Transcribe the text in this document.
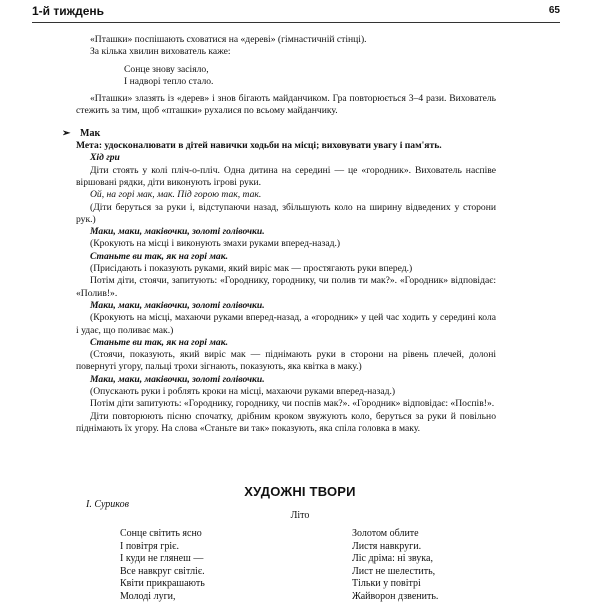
1-й тиждень	65

«Пташки» поспішають сховатися на «дереві» (гімнастичній стінці).

За кілька хвилин вихователь каже:

Сонце знову засіяло,
І надворі тепло стало.

«Пташки» злазять із «дерев» і знов бігають майданчиком. Гра повторюється 3–4 рази. Вихователь стежить за тим, щоб «пташки» рухалися по всьому майданчику.

➢ Мак

Мета: удосконалювати в дітей навички ходьби на місці; виховувати увагу і пам'ять.

Хід гри

Діти стоять у колі пліч-о-пліч. Одна дитина на середині — це «городник». Вихователь наспіве віршовані рядки, діти виконують ігрові руки.

Ой, на горі мак, мак. Під горою так, так.

(Діти беруться за руки і, відступаючи назад, збільшують коло на ширину відведених у сторони рук.)

Маки, маки, маківочки, золоті голівочки.

(Крокують на місці і виконують змахи руками вперед-назад.)

Станьте ви так, як на горі мак.

(Присідають і показують руками, який виріс мак — простягають руки вперед.)

Потім діти, стоячи, запитують: «Городнику, городнику, чи полив ти мак?». «Городник» відповідає: «Полив!».

Маки, маки, маківочки, золоті голівочки.

(Крокують на місці, махаючи руками вперед-назад, а «городник» у цей час ходить у середині кола і удає, що поливає мак.)

Станьте ви так, як на горі мак.

(Стоячи, показують, який виріс мак — піднімають руки в сторони на рівень плечей, долоні повернуті угору, пальці трохи зігнають, показують, яка квітка в маку.)

Маки, маки, маківочки, золоті голівочки.

(Опускають руки і роблять кроки на місці, махаючи руками вперед-назад.)

Потім діти запитують: «Городнику, городнику, чи поспів мак?». «Городник» відповідає: «Поспів!».

Діти повторюють пісню спочатку, дрібним кроком звужують коло, беруться за руки й повільно піднімають їх угору. На слова «Станьте ви так» показують, яка спіла головка в маку.

ХУДОЖНІ ТВОРИ
І. Суриков
Літо

Сонце світить ясно

І повітря гріє.

І куди не глянеш —

Все навкруг світліє.

Квіти прикрашають

Молоді луги,

Золотом облите

Листя навкруги.

Ліс дріма: ні звука,

Лист не шелестить,

Тільки у повітрі

Жайворон дзвенить.
